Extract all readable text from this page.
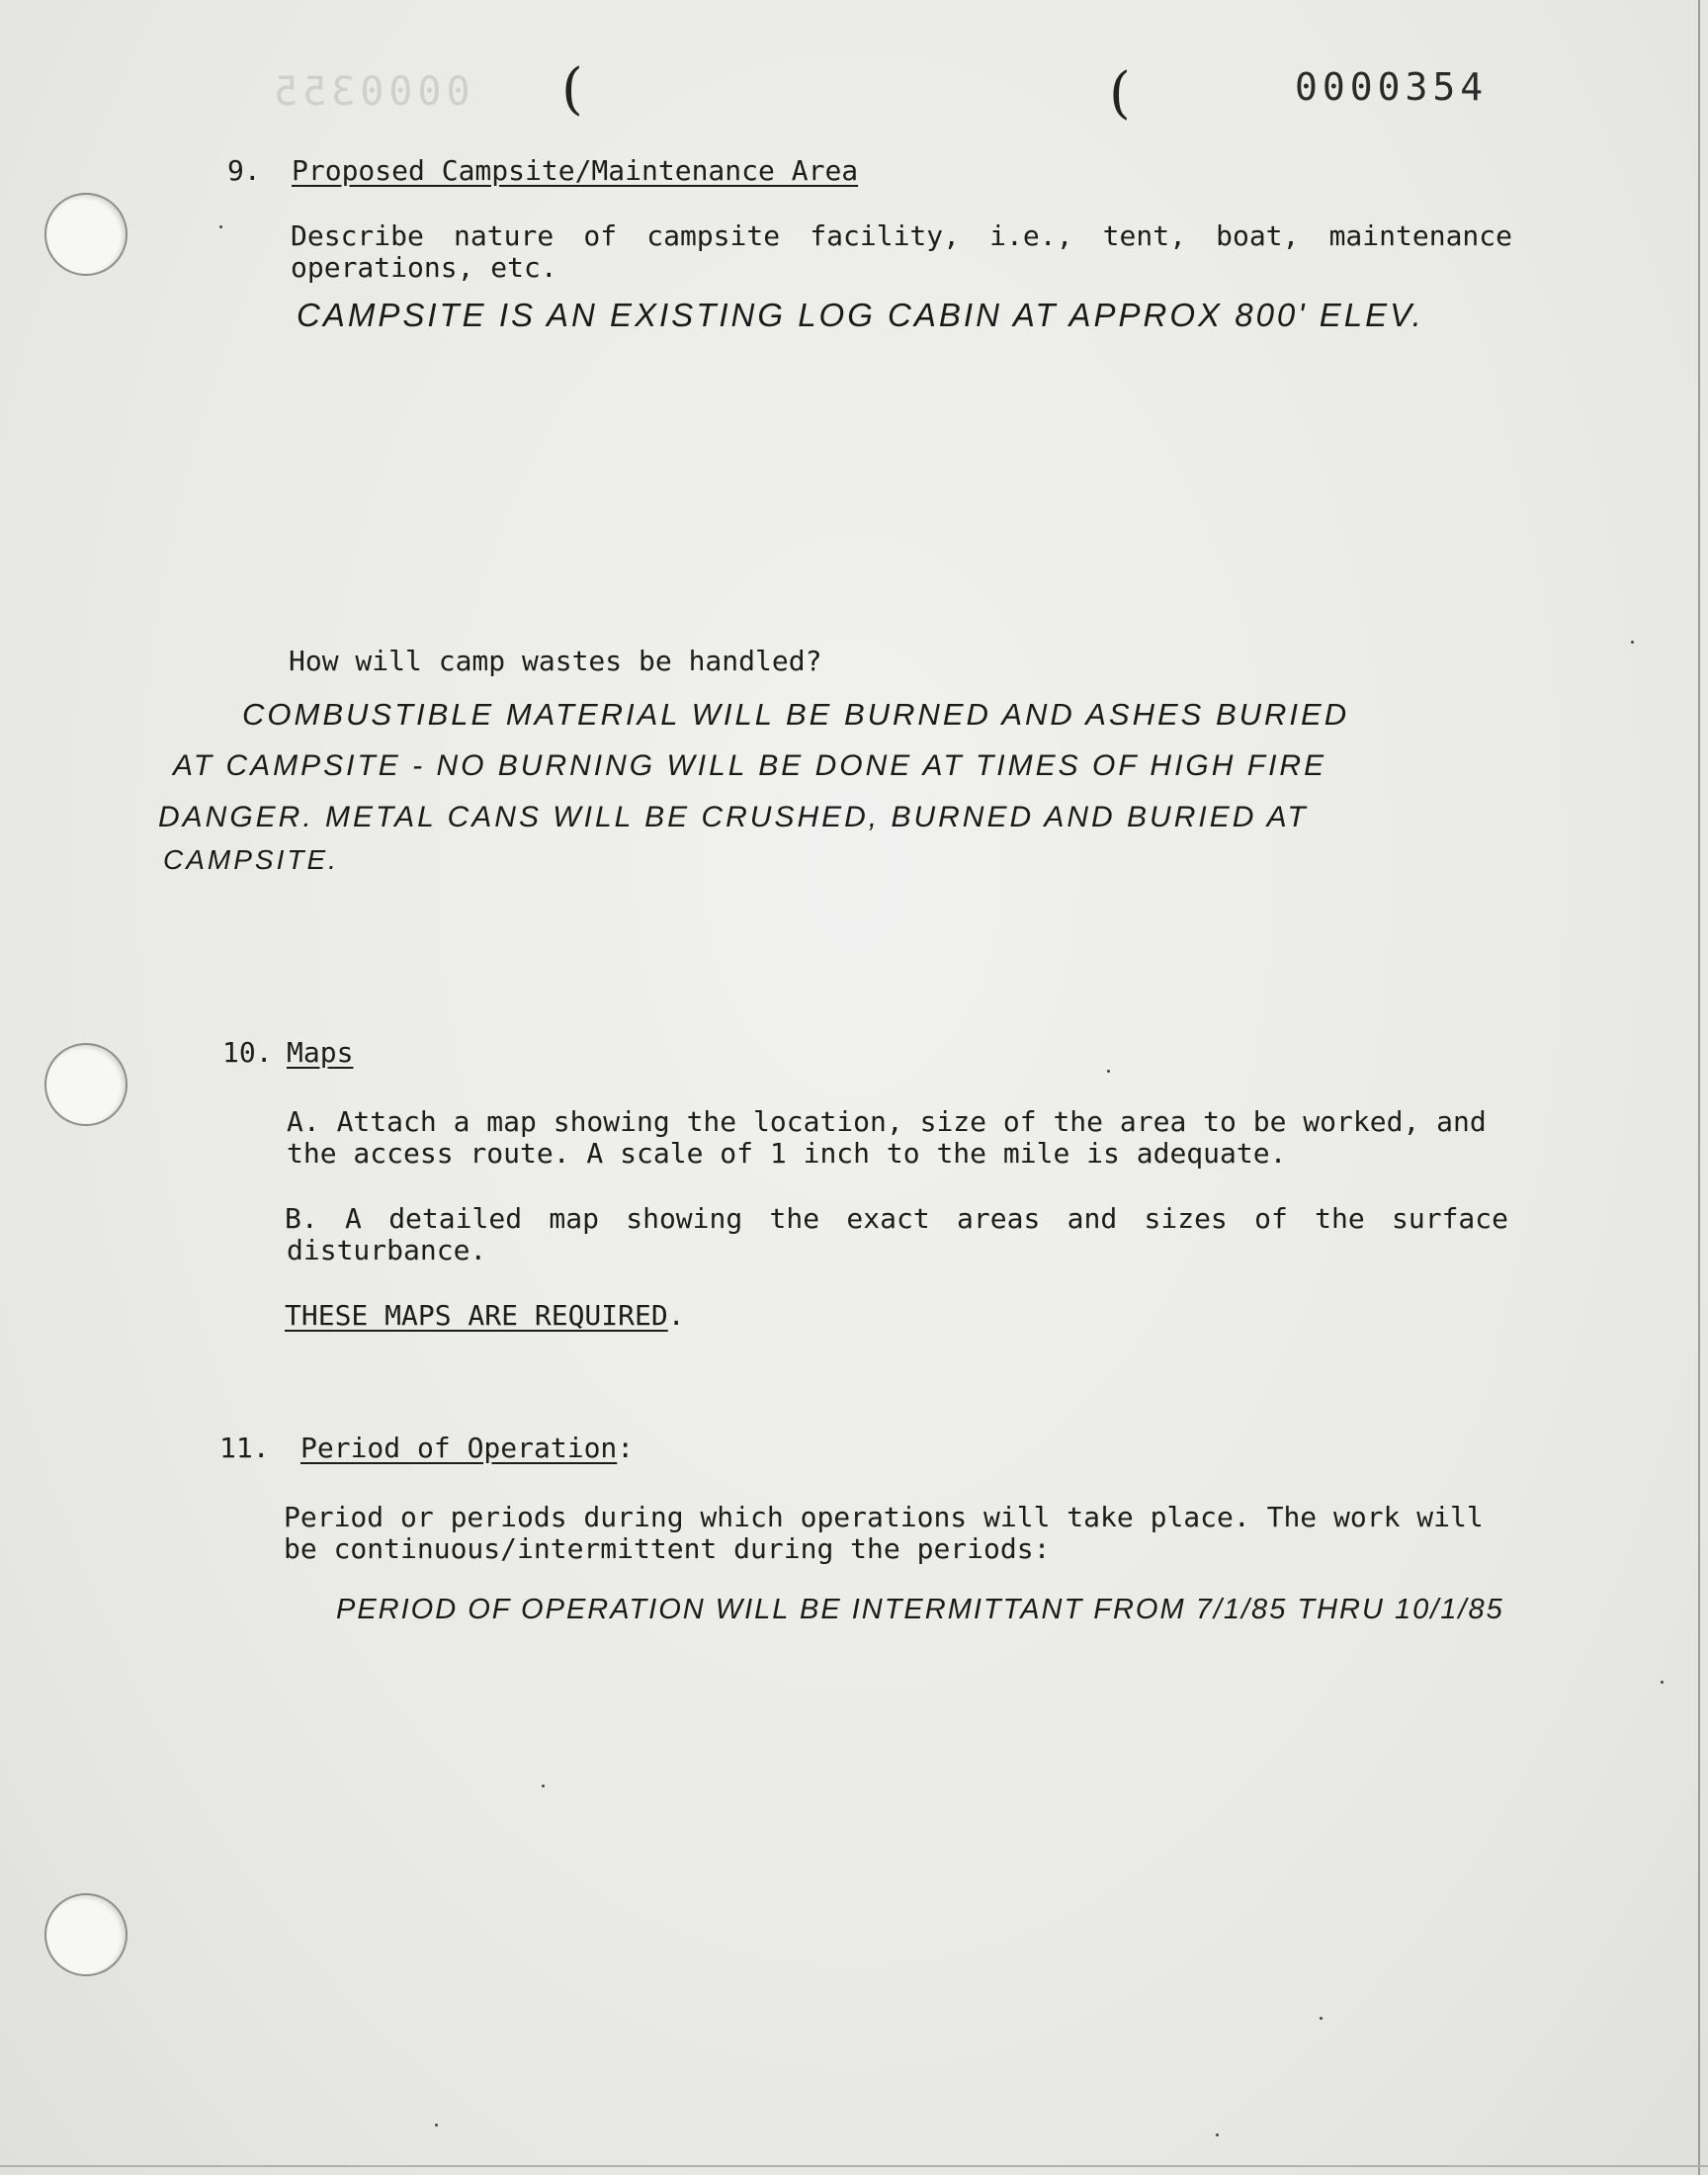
0000355 (	(	0000354
9. Proposed Campsite/Maintenance Area
Describe nature of campsite facility, i.e., tent, boat, maintenance
operations, etc.
CAMPSITE IS AN EXISTING LOG CABIN AT APPROX 800' ELEV.
How will camp wastes be handled?
COMBUSTIBLE MATERIAL WILL BE BURNED AND ASHES BURIED
AT CAMPSITE - NO BURNING WILL BE DONE AT TIMES OF HIGH FIRE
DANGER. METAL CANS WILL BE CRUSHED, BURNED AND BURIED AT
CAMPSITE.
10. Maps
A. Attach a map showing the location, size of the area to be worked, and
the access route. A scale of 1 inch to the mile is adequate.
B. A detailed map showing the exact areas and sizes of the surface
disturbance.
THESE MAPS ARE REQUIRED.
11. Period of Operation:
Period or periods during which operations will take place. The work will
be continuous/intermittent during the periods:
PERIOD OF OPERATION WILL BE INTERMITTANT FROM 7/1/85 THRU 10/1/85
